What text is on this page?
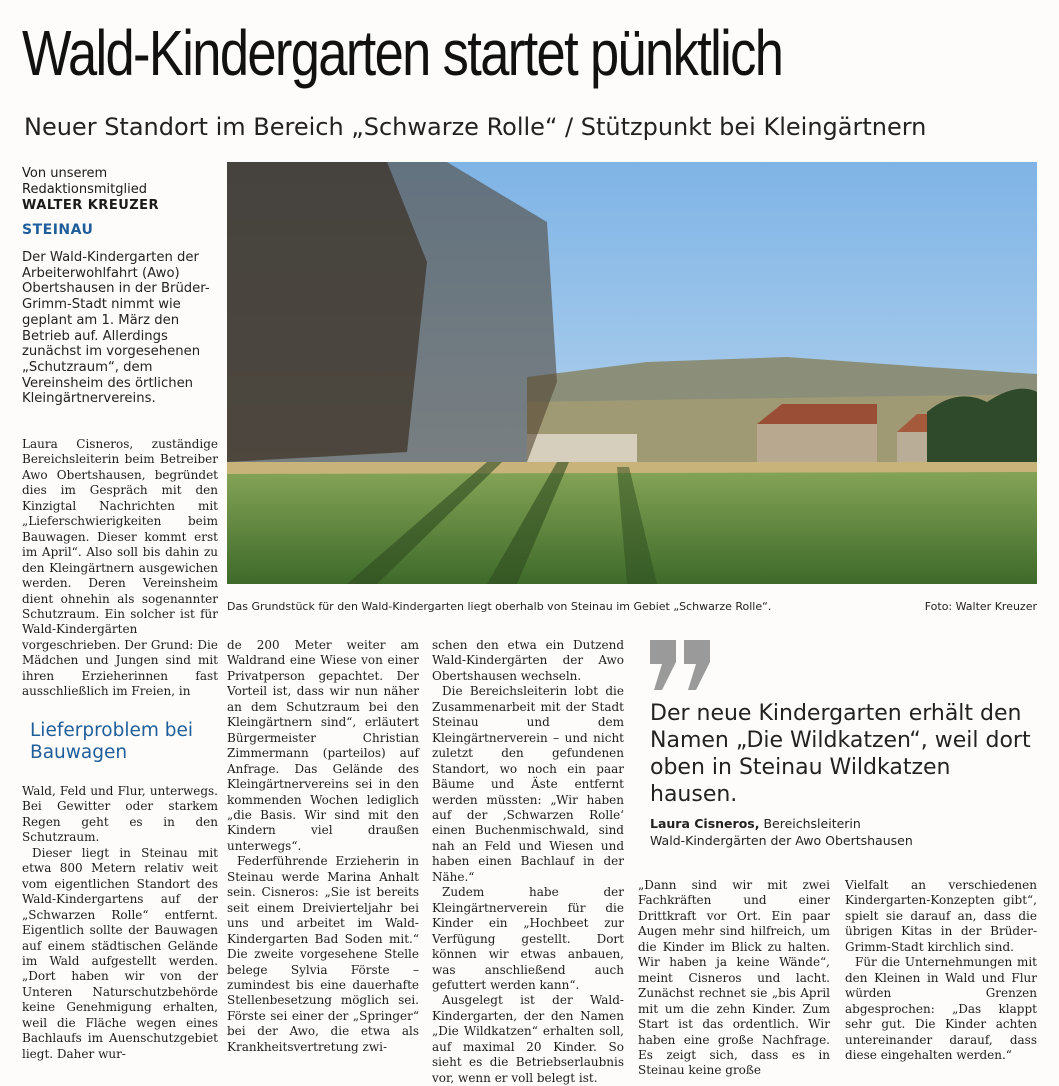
Wald-Kindergarten startet pünktlich
Neuer Standort im Bereich „Schwarze Rolle“ / Stützpunkt bei Kleingärtnern
Von unserem
Redaktionsmitglied
WALTER KREUZER
STEINAU
Der Wald-Kindergarten der Arbeiterwohlfahrt (Awo) Obertshausen in der Brüder-Grimm-Stadt nimmt wie geplant am 1. März den Betrieb auf. Allerdings zunächst im vorgesehenen „Schutzraum“, dem Vereinsheim des örtlichen Kleingärtnervereins.

Laura Cisneros, zuständige Bereichsleiterin beim Betreiber Awo Obertshausen, begründet dies im Gespräch mit den Kinzigtal Nachrichten mit „Lieferschwierigkeiten beim Bauwagen. Dieser kommt erst im April“. Also soll bis dahin zu den Kleingärtnern ausgewichen werden. Deren Vereinsheim dient ohnehin als sogenannter Schutzraum. Ein solcher ist für Wald-Kindergärten vorgeschrieben. Der Grund: Die Mädchen und Jungen sind mit ihren Erzieherinnen fast ausschließlich im Freien, in

Lieferproblem bei Bauwagen

Wald, Feld und Flur, unterwegs. Bei Gewitter oder starkem Regen geht es in den Schutzraum.

Dieser liegt in Steinau mit etwa 800 Metern relativ weit vom eigentlichen Standort des Wald-Kindergartens auf der „Schwarzen Rolle“ entfernt. Eigentlich sollte der Bauwagen auf einem städtischen Gelände im Wald aufgestellt werden. „Dort haben wir von der Unteren Naturschutzbehörde keine Genehmigung erhalten, weil die Fläche wegen eines Bachlaufs im Auenschutzgebiet liegt. Daher wur-

Das Grundstück für den Wald-Kindergarten liegt oberhalb von Steinau im Gebiet „Schwarze Rolle“.	Foto: Walter Kreuzer

de 200 Meter weiter am Waldrand eine Wiese von einer Privatperson gepachtet. Der Vorteil ist, dass wir nun näher an dem Schutzraum bei den Kleingärtnern sind“, erläutert Bürgermeister Christian Zimmermann (parteilos) auf Anfrage. Das Gelände des Kleingärtnervereins sei in den kommenden Wochen lediglich „die Basis. Wir sind mit den Kindern viel draußen unterwegs“.

Federführende Erzieherin in Steinau werde Marina Anhalt sein. Cisneros: „Sie ist bereits seit einem Dreivierteljahr bei uns und arbeitet im Wald-Kindergarten Bad Soden mit.“ Die zweite vorgesehene Stelle belege Sylvia Förste – zumindest bis eine dauerhafte Stellenbesetzung möglich sei. Förste sei einer der „Springer“ bei der Awo, die etwa als Krankheitsvertretung zwi-

schen den etwa ein Dutzend Wald-Kindergärten der Awo Obertshausen wechseln.

Die Bereichsleiterin lobt die Zusammenarbeit mit der Stadt Steinau und dem Kleingärtnerverein – und nicht zuletzt den gefundenen Standort, wo noch ein paar Bäume und Äste entfernt werden müssten: „Wir haben auf der ,Schwarzen Rolle‘ einen Buchenmischwald, sind nah an Feld und Wiesen und haben einen Bachlauf in der Nähe.“

Zudem habe der Kleingärtnerverein für die Kinder ein „Hochbeet zur Verfügung gestellt. Dort können wir etwas anbauen, was anschließend auch gefuttert werden kann“.

Ausgelegt ist der Wald-Kindergarten, der den Namen „Die Wildkatzen“ erhalten soll, auf maximal 20 Kinder. So sieht es die Betriebserlaubnis vor, wenn er voll belegt ist.

Der neue Kindergarten erhält den Namen „Die Wildkatzen“, weil dort oben in Steinau Wildkatzen hausen.
Laura Cisneros, Bereichsleiterin
Wald-Kindergärten der Awo Obertshausen

„Dann sind wir mit zwei Fachkräften und einer Drittkraft vor Ort. Ein paar Augen mehr sind hilfreich, um die Kinder im Blick zu halten. Wir haben ja keine Wände“, meint Cisneros und lacht. Zunächst rechnet sie „bis April mit um die zehn Kinder. Zum Start ist das ordentlich. Wir haben eine große Nachfrage. Es zeigt sich, dass es in Steinau keine große

Vielfalt an verschiedenen Kindergarten-Konzepten gibt“, spielt sie darauf an, dass die übrigen Kitas in der Brüder-Grimm-Stadt kirchlich sind.

Für die Unternehmungen mit den Kleinen in Wald und Flur würden Grenzen abgesprochen: „Das klappt sehr gut. Die Kinder achten untereinander darauf, dass diese eingehalten werden.“
